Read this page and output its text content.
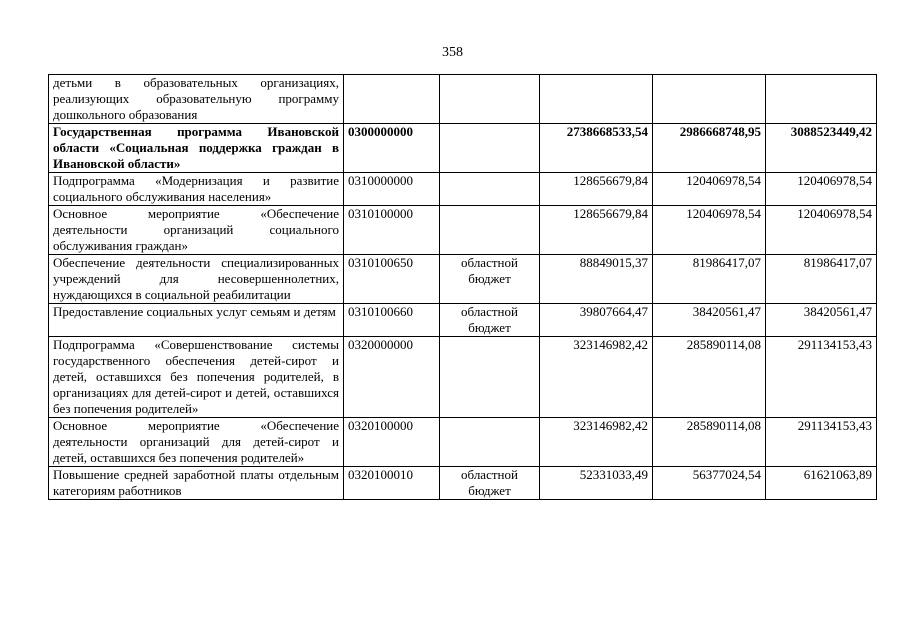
358
детьми в образовательных организациях, реализующих образовательную программу дошкольного образования					
Государственная программа Ивановской области «Социальная поддержка граждан в Ивановской области»	0300000000		2738668533,54	2986668748,95	3088523449,42
Подпрограмма «Модернизация и развитие социального обслуживания населения»	0310000000		128656679,84	120406978,54	120406978,54
Основное мероприятие «Обеспечение деятельности организаций социального обслуживания граждан»	0310100000		128656679,84	120406978,54	120406978,54
Обеспечение деятельности специализированных учреждений для несовершеннолетних, нуждающихся в социальной реабилитации	0310100650	областной бюджет	88849015,37	81986417,07	81986417,07
Предоставление социальных услуг семьям и детям	0310100660	областной бюджет	39807664,47	38420561,47	38420561,47
Подпрограмма «Совершенствование системы государственного обеспечения детей-сирот и детей, оставшихся без попечения родителей, в организациях для детей-сирот и детей, оставшихся без попечения родителей»	0320000000		323146982,42	285890114,08	291134153,43
Основное мероприятие «Обеспечение деятельности организаций для детей-сирот и детей, оставшихся без попечения родителей»	0320100000		323146982,42	285890114,08	291134153,43
Повышение средней заработной платы отдельным категориям работников	0320100010	областной бюджет	52331033,49	56377024,54	61621063,89
